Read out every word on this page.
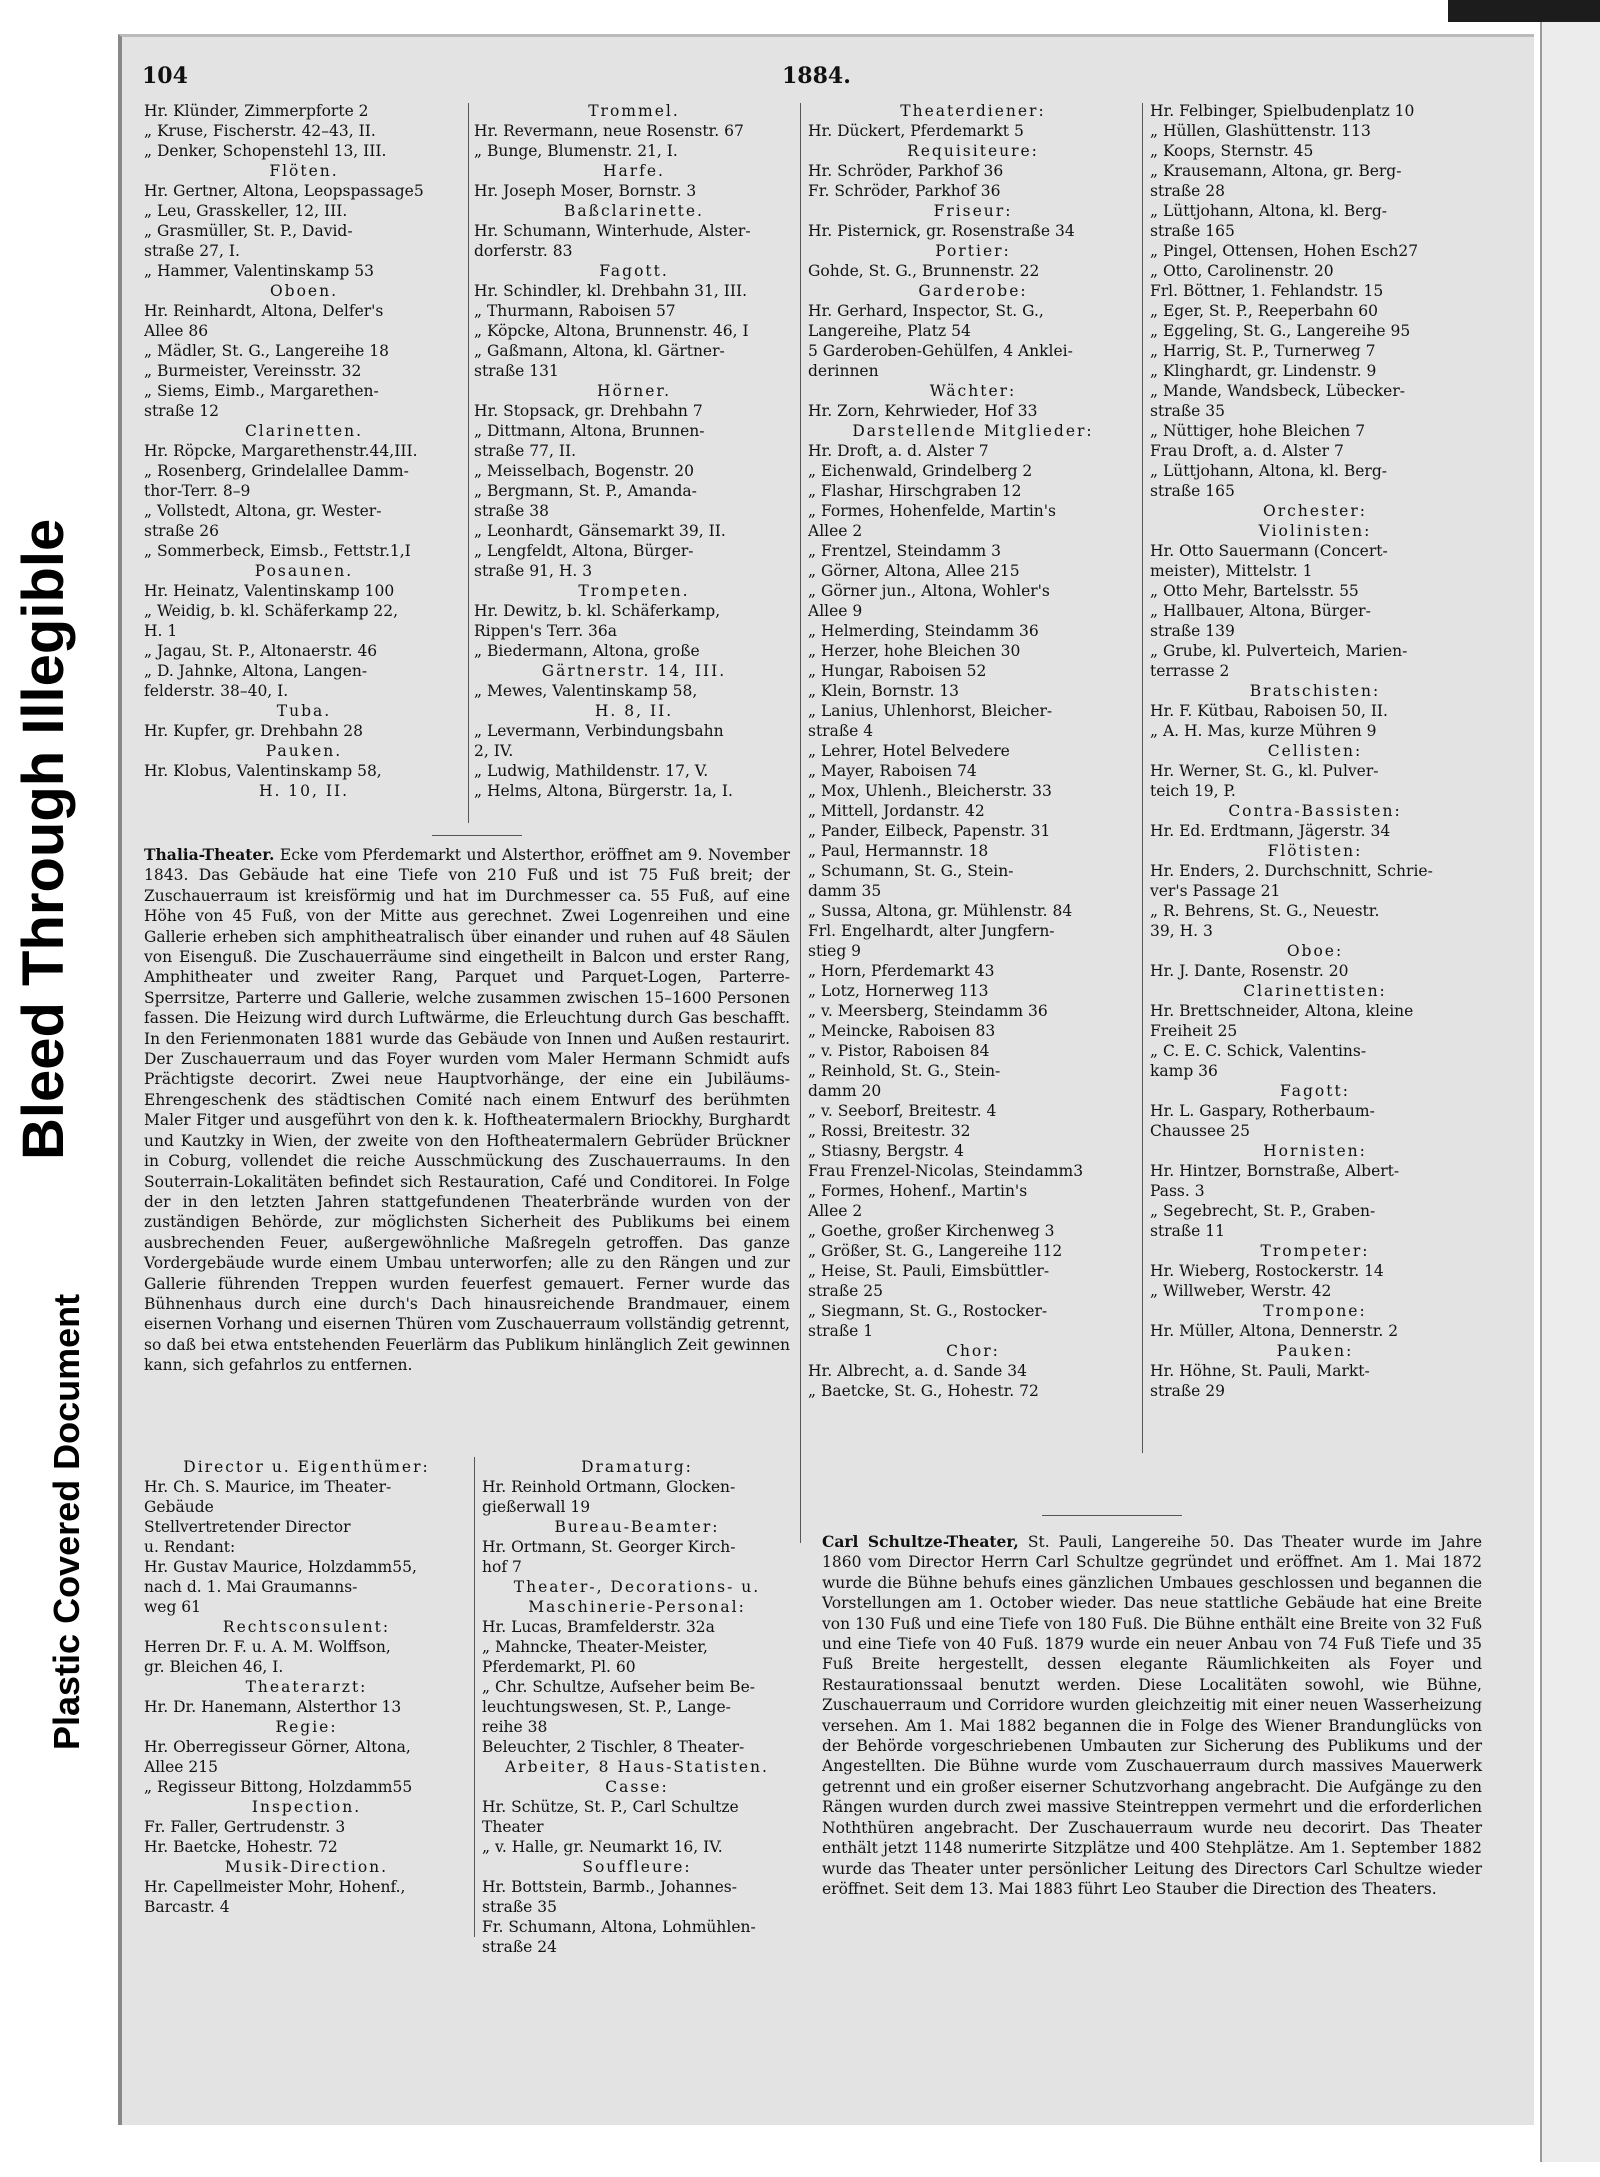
Bleed Through Illegible
Plastic Covered Document
104	1884.
Hr. Klünder, Zimmerpforte 2
„ Kruse, Fischerstr. 42–43, II.
„ Denker, Schopenstehl 13, III.
Flöten.
Hr. Gertner, Altona, Leopspassage5
„ Leu, Grasskeller, 12, III.
„ Grasmüller, St. P., David-
straße 27, I.
„ Hammer, Valentinskamp 53
Oboen.
Hr. Reinhardt, Altona, Delfer's
Allee 86
„ Mädler, St. G., Langereihe 18
„ Burmeister, Vereinsstr. 32
„ Siems, Eimb., Margarethen-
straße 12
Clarinetten.
Hr. Röpcke, Margarethenstr.44,III.
„ Rosenberg, Grindelallee Damm-
thor-Terr. 8–9
„ Vollstedt, Altona, gr. Wester-
straße 26
„ Sommerbeck, Eimsb., Fettstr.1,I
Posaunen.
Hr. Heinatz, Valentinskamp 100
„ Weidig, b. kl. Schäferkamp 22,
H. 1
„ Jagau, St. P., Altonaerstr. 46
„ D. Jahnke, Altona, Langen-
felderstr. 38–40, I.
Tuba.
Hr. Kupfer, gr. Drehbahn 28
Pauken.
Hr. Klobus, Valentinskamp 58,
H. 10, II.
Trommel.
Hr. Revermann, neue Rosenstr. 67
„ Bunge, Blumenstr. 21, I.
Harfe.
Hr. Joseph Moser, Bornstr. 3
Baßclarinette.
Hr. Schumann, Winterhude, Alster-
dorferstr. 83
Fagott.
Hr. Schindler, kl. Drehbahn 31, III.
„ Thurmann, Raboisen 57
„ Köpcke, Altona, Brunnenstr. 46, I
„ Gaßmann, Altona, kl. Gärtner-
straße 131
Hörner.
Hr. Stopsack, gr. Drehbahn 7
„ Dittmann, Altona, Brunnen-
straße 77, II.
„ Meisselbach, Bogenstr. 20
„ Bergmann, St. P., Amanda-
straße 38
„ Leonhardt, Gänsemarkt 39, II.
„ Lengfeldt, Altona, Bürger-
straße 91, H. 3
Trompeten.
Hr. Dewitz, b. kl. Schäferkamp,
Rippen's Terr. 36a
„ Biedermann, Altona, große
Gärtnerstr. 14, III.
„ Mewes, Valentinskamp 58,
H. 8, II.
„ Levermann, Verbindungsbahn
2, IV.
„ Ludwig, Mathildenstr. 17, V.
„ Helms, Altona, Bürgerstr. 1a, I.
Theaterdiener:
Hr. Dückert, Pferdemarkt 5
Requisiteure:
Hr. Schröder, Parkhof 36
Fr. Schröder, Parkhof 36
Friseur:
Hr. Pisternick, gr. Rosenstraße 34
Portier:
Gohde, St. G., Brunnenstr. 22
Garderobe:
Hr. Gerhard, Inspector, St. G.,
Langereihe, Platz 54
5 Garderoben-Gehülfen, 4 Anklei-
derinnen
Wächter:
Hr. Zorn, Kehrwieder, Hof 33
Darstellende Mitglieder:
Hr. Droft, a. d. Alster 7
„ Eichenwald, Grindelberg 2
„ Flashar, Hirschgraben 12
„ Formes, Hohenfelde, Martin's
Allee 2
„ Frentzel, Steindamm 3
„ Görner, Altona, Allee 215
„ Görner jun., Altona, Wohler's
Allee 9
„ Helmerding, Steindamm 36
„ Herzer, hohe Bleichen 30
„ Hungar, Raboisen 52
„ Klein, Bornstr. 13
„ Lanius, Uhlenhorst, Bleicher-
straße 4
„ Lehrer, Hotel Belvedere
„ Mayer, Raboisen 74
„ Mox, Uhlenh., Bleicherstr. 33
„ Mittell, Jordanstr. 42
„ Pander, Eilbeck, Papenstr. 31
„ Paul, Hermannstr. 18
„ Schumann, St. G., Stein-
damm 35
„ Sussa, Altona, gr. Mühlenstr. 84
Frl. Engelhardt, alter Jungfern-
stieg 9
„ Horn, Pferdemarkt 43
„ Lotz, Hornerweg 113
„ v. Meersberg, Steindamm 36
„ Meincke, Raboisen 83
„ v. Pistor, Raboisen 84
„ Reinhold, St. G., Stein-
damm 20
„ v. Seeborf, Breitestr. 4
„ Rossi, Breitestr. 32
„ Stiasny, Bergstr. 4
Frau Frenzel-Nicolas, Steindamm3
„ Formes, Hohenf., Martin's
Allee 2
„ Goethe, großer Kirchenweg 3
„ Größer, St. G., Langereihe 112
„ Heise, St. Pauli, Eimsbüttler-
straße 25
„ Siegmann, St. G., Rostocker-
straße 1
Chor:
Hr. Albrecht, a. d. Sande 34
„ Baetcke, St. G., Hohestr. 72
Hr. Felbinger, Spielbudenplatz 10
„ Hüllen, Glashüttenstr. 113
„ Koops, Sternstr. 45
„ Krausemann, Altona, gr. Berg-
straße 28
„ Lüttjohann, Altona, kl. Berg-
straße 165
„ Pingel, Ottensen, Hohen Esch27
„ Otto, Carolinenstr. 20
Frl. Böttner, 1. Fehlandstr. 15
„ Eger, St. P., Reeperbahn 60
„ Eggeling, St. G., Langereihe 95
„ Harrig, St. P., Turnerweg 7
„ Klinghardt, gr. Lindenstr. 9
„ Mande, Wandsbeck, Lübecker-
straße 35
„ Nüttiger, hohe Bleichen 7
Frau Droft, a. d. Alster 7
„ Lüttjohann, Altona, kl. Berg-
straße 165
Orchester:
Violinisten:
Hr. Otto Sauermann (Concert-
meister), Mittelstr. 1
„ Otto Mehr, Bartelsstr. 55
„ Hallbauer, Altona, Bürger-
straße 139
„ Grube, kl. Pulverteich, Marien-
terrasse 2
Bratschisten:
Hr. F. Kütbau, Raboisen 50, II.
„ A. H. Mas, kurze Mühren 9
Cellisten:
Hr. Werner, St. G., kl. Pulver-
teich 19, P.
Contra-Bassisten:
Hr. Ed. Erdtmann, Jägerstr. 34
Flötisten:
Hr. Enders, 2. Durchschnitt, Schrie-
ver's Passage 21
„ R. Behrens, St. G., Neuestr.
39, H. 3
Oboe:
Hr. J. Dante, Rosenstr. 20
Clarinettisten:
Hr. Brettschneider, Altona, kleine
Freiheit 25
„ C. E. C. Schick, Valentins-
kamp 36
Fagott:
Hr. L. Gaspary, Rotherbaum-
Chaussee 25
Hornisten:
Hr. Hintzer, Bornstraße, Albert-
Pass. 3
„ Segebrecht, St. P., Graben-
straße 11
Trompeter:
Hr. Wieberg, Rostockerstr. 14
„ Willweber, Werstr. 42
Trompone:
Hr. Müller, Altona, Dennerstr. 2
Pauken:
Hr. Höhne, St. Pauli, Markt-
straße 29
Thalia-Theater. Ecke vom Pferdemarkt und Alsterthor, eröffnet am 9. November 1843. Das Gebäude hat eine Tiefe von 210 Fuß und ist 75 Fuß breit; der Zuschauerraum ist kreisförmig und hat im Durchmesser ca. 55 Fuß, auf eine Höhe von 45 Fuß, von der Mitte aus gerechnet. Zwei Logenreihen und eine Gallerie erheben sich amphitheatralisch über einander und ruhen auf 48 Säulen von Eisenguß. Die Zuschauerräume sind eingetheilt in Balcon und erster Rang, Amphitheater und zweiter Rang, Parquet und Parquet-Logen, Parterre-Sperrsitze, Parterre und Gallerie, welche zusammen zwischen 15–1600 Personen fassen. Die Heizung wird durch Luftwärme, die Erleuchtung durch Gas beschafft. In den Ferienmonaten 1881 wurde das Gebäude von Innen und Außen restaurirt. Der Zuschauerraum und das Foyer wurden vom Maler Hermann Schmidt aufs Prächtigste decorirt. Zwei neue Hauptvorhänge, der eine ein Jubiläums-Ehrengeschenk des städtischen Comité nach einem Entwurf des berühmten Maler Fitger und ausgeführt von den k. k. Hoftheatermalern Briockhy, Burghardt und Kautzky in Wien, der zweite von den Hoftheatermalern Gebrüder Brückner in Coburg, vollendet die reiche Ausschmückung des Zuschauerraums. In den Souterrain-Lokalitäten befindet sich Restauration, Café und Conditorei. In Folge der in den letzten Jahren stattgefundenen Theaterbrände wurden von der zuständigen Behörde, zur möglichsten Sicherheit des Publikums bei einem ausbrechenden Feuer, außergewöhnliche Maßregeln getroffen. Das ganze Vordergebäude wurde einem Umbau unterworfen; alle zu den Rängen und zur Gallerie führenden Treppen wurden feuerfest gemauert. Ferner wurde das Bühnenhaus durch eine durch's Dach hinausreichende Brandmauer, einem eisernen Vorhang und eisernen Thüren vom Zuschauerraum vollständig getrennt, so daß bei etwa entstehenden Feuerlärm das Publikum hinlänglich Zeit gewinnen kann, sich gefahrlos zu entfernen.
Director u. Eigenthümer:
Hr. Ch. S. Maurice, im Theater-
Gebäude
Stellvertretender Director
u. Rendant:
Hr. Gustav Maurice, Holzdamm55,
nach d. 1. Mai Graumanns-
weg 61
Rechtsconsulent:
Herren Dr. F. u. A. M. Wolffson,
gr. Bleichen 46, I.
Theaterarzt:
Hr. Dr. Hanemann, Alsterthor 13
Regie:
Hr. Oberregisseur Görner, Altona,
Allee 215
„ Regisseur Bittong, Holzdamm55
Inspection.
Fr. Faller, Gertrudenstr. 3
Hr. Baetcke, Hohestr. 72
Musik-Direction.
Hr. Capellmeister Mohr, Hohenf.,
Barcastr. 4
Dramaturg:
Hr. Reinhold Ortmann, Glocken-
gießerwall 19
Bureau-Beamter:
Hr. Ortmann, St. Georger Kirch-
hof 7
Theater-, Decorations- u.
Maschinerie-Personal:
Hr. Lucas, Bramfelderstr. 32a
„ Mahncke, Theater-Meister,
Pferdemarkt, Pl. 60
„ Chr. Schultze, Aufseher beim Be-
leuchtungswesen, St. P., Lange-
reihe 38
Beleuchter, 2 Tischler, 8 Theater-
Arbeiter, 8 Haus-Statisten.
Casse:
Hr. Schütze, St. P., Carl Schultze
Theater
„ v. Halle, gr. Neumarkt 16, IV.
Souffleure:
Hr. Bottstein, Barmb., Johannes-
straße 35
Fr. Schumann, Altona, Lohmühlen-
straße 24
Carl Schultze-Theater, St. Pauli, Langereihe 50. Das Theater wurde im Jahre 1860 vom Director Herrn Carl Schultze gegründet und eröffnet. Am 1. Mai 1872 wurde die Bühne behufs eines gänzlichen Umbaues geschlossen und begannen die Vorstellungen am 1. October wieder. Das neue stattliche Gebäude hat eine Breite von 130 Fuß und eine Tiefe von 180 Fuß. Die Bühne enthält eine Breite von 32 Fuß und eine Tiefe von 40 Fuß. 1879 wurde ein neuer Anbau von 74 Fuß Tiefe und 35 Fuß Breite hergestellt, dessen elegante Räumlichkeiten als Foyer und Restaurationssaal benutzt werden. Diese Localitäten sowohl, wie Bühne, Zuschauerraum und Corridore wurden gleichzeitig mit einer neuen Wasserheizung versehen. Am 1. Mai 1882 begannen die in Folge des Wiener Brandunglücks von der Behörde vorgeschriebenen Umbauten zur Sicherung des Publikums und der Angestellten. Die Bühne wurde vom Zuschauerraum durch massives Mauerwerk getrennt und ein großer eiserner Schutzvorhang angebracht. Die Aufgänge zu den Rängen wurden durch zwei massive Steintreppen vermehrt und die erforderlichen Noththüren angebracht. Der Zuschauerraum wurde neu decorirt. Das Theater enthält jetzt 1148 numerirte Sitzplätze und 400 Stehplätze. Am 1. September 1882 wurde das Theater unter persönlicher Leitung des Directors Carl Schultze wieder eröffnet. Seit dem 13. Mai 1883 führt Leo Stauber die Direction des Theaters.
